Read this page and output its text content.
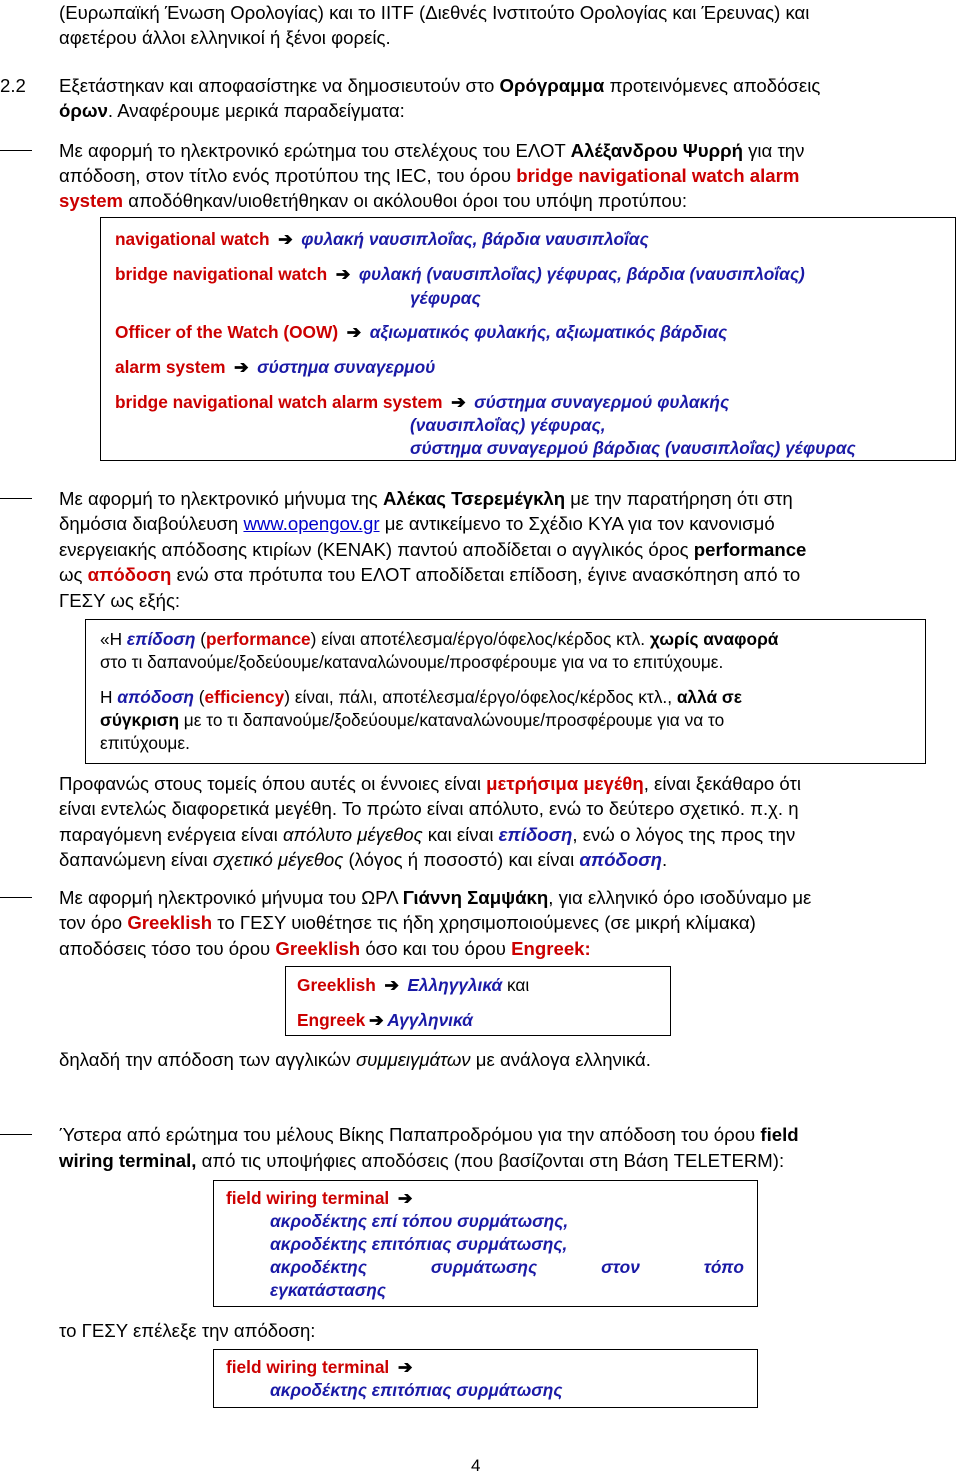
(Ευρωπαϊκή Ένωση Ορολογίας) και το IITF (Διεθνές Ινστιτούτο Ορολογίας και Έρευνας) και

αφετέρου άλλοι ελληνικοί ή ξένοι φορείς.

2.2 Εξετάστηκαν και αποφασίστηκε να δημοσιευτούν στο Ορόγραμμα προτεινόμενες αποδόσεις

όρων. Αναφέρουμε μερικά παραδείγματα:

Με αφορμή το ηλεκτρονικό ερώτημα του στελέχους του ΕΛΟΤ Αλέξανδρου Ψυρρή για την

απόδοση, στον τίτλο ενός προτύπου της IEC, του όρου bridge navigational watch alarm

system αποδόθηκαν/υιοθετήθηκαν οι ακόλουθοι όροι του υπόψη προτύπου:

navigational watch ➔ φυλακή ναυσιπλοΐας, βάρδια ναυσιπλοΐας
bridge navigational watch ➔ φυλακή (ναυσιπλοΐας) γέφυρας, βάρδια (ναυσιπλοΐας)
γέφυρας
Officer of the Watch (OOW) ➔ αξιωματικός φυλακής, αξιωματικός βάρδιας
alarm system ➔ σύστημα συναγερμού
bridge navigational watch alarm system ➔ σύστημα συναγερμού φυλακής
(ναυσιπλοΐας) γέφυρας,
σύστημα συναγερμού βάρδιας (ναυσιπλοΐας) γέφυρας

Με αφορμή το ηλεκτρονικό μήνυμα της Αλέκας Τσερεμέγκλη με την παρατήρηση ότι στη

δημόσια διαβούλευση www.opengov.gr με αντικείμενο το Σχέδιο ΚΥΑ για τον κανονισμό

ενεργειακής απόδοσης κτιρίων (ΚΕΝΑΚ) παντού αποδίδεται ο αγγλικός όρος performance

ως απόδοση ενώ στα πρότυπα του ΕΛΟΤ αποδίδεται επίδοση, έγινε ανασκόπηση από το

ΓΕΣΥ ως εξής:

«Η επίδοση (performance) είναι αποτέλεσμα/έργο/όφελος/κέρδος κτλ. χωρίς αναφορά

στο τι δαπανούμε/ξοδεύουμε/καταναλώνουμε/προσφέρουμε για να το επιτύχουμε.

Η απόδοση (efficiency) είναι, πάλι, αποτέλεσμα/έργο/όφελος/κέρδος κτλ., αλλά σε

σύγκριση με το τι δαπανούμε/ξοδεύουμε/καταναλώνουμε/προσφέρουμε για να το

επιτύχουμε.

Προφανώς στους τομείς όπου αυτές οι έννοιες είναι μετρήσιμα μεγέθη, είναι ξεκάθαρο ότι

είναι εντελώς διαφορετικά μεγέθη. Το πρώτο είναι απόλυτο, ενώ το δεύτερο σχετικό. π.χ. η

παραγόμενη ενέργεια είναι απόλυτο μέγεθος και είναι επίδοση, ενώ ο λόγος της προς την

δαπανώμενη είναι σχετικό μέγεθος (λόγος ή ποσοστό) και είναι απόδοση.

Με αφορμή ηλεκτρονικό μήνυμα του ΩΡΛ Γιάννη Σαμψάκη, για ελληνικό όρο ισοδύναμο με

τον όρο Greeklish το ΓΕΣΥ υιοθέτησε τις ήδη χρησιμοποιούμενες (σε μικρή κλίμακα)

αποδόσεις τόσο του όρου Greeklish όσο και του όρου Engreek:

Greeklish ➔ Ελληγγλικά και
Engreek ➔ Αγγληνικά

δηλαδή την απόδοση των αγγλικών συμμειγμάτων με ανάλογα ελληνικά.

Ύστερα από ερώτημα του μέλους Βίκης Παπαπροδρόμου για την απόδοση του όρου field

wiring terminal, από τις υποψήφιες αποδόσεις (που βασίζονται στη Βάση TELETERM):

field wiring terminal ➔
ακροδέκτης επί τόπου συρμάτωσης,
ακροδέκτης επιτόπιας συρμάτωσης,
ακροδέκτης	συρμάτωσης	στον	τόπο
εγκατάστασης

το ΓΕΣΥ επέλεξε την απόδοση:

field wiring terminal ➔
ακροδέκτης επιτόπιας συρμάτωσης
4
